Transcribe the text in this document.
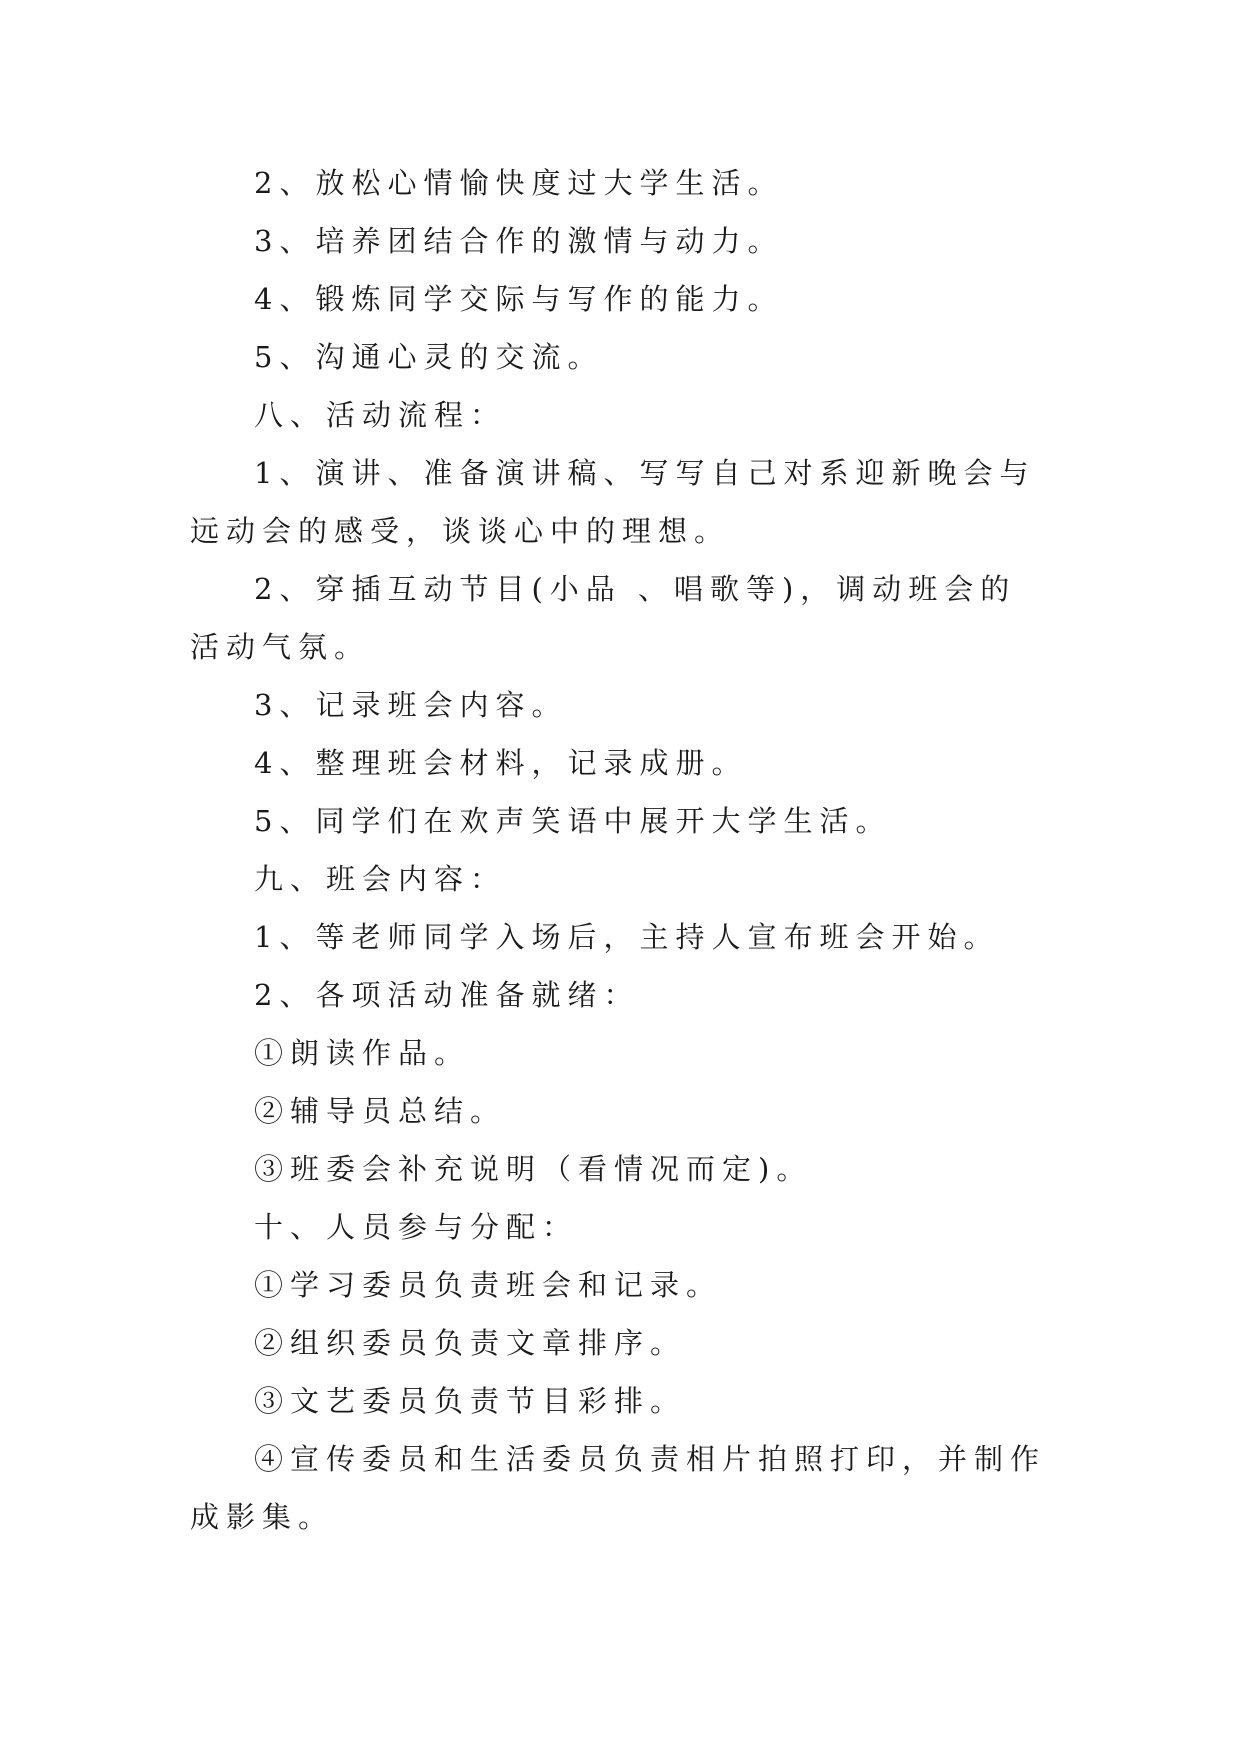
2、放松心情愉快度过大学生活。

3、培养团结合作的激情与动力。

4、锻炼同学交际与写作的能力。

5、沟通心灵的交流。

八、活动流程：

1、演讲、准备演讲稿、写写自己对系迎新晚会与远动会的感受，谈谈心中的理想。

2、穿插互动节目(小品 、唱歌等)，调动班会的活动气氛。

3、记录班会内容。

4、整理班会材料，记录成册。

5、同学们在欢声笑语中展开大学生活。

九、班会内容：

1、等老师同学入场后，主持人宣布班会开始。

2、各项活动准备就绪：

①朗读作品。

②辅导员总结。

③班委会补充说明（看情况而定)。

十、人员参与分配：

①学习委员负责班会和记录。

②组织委员负责文章排序。

③文艺委员负责节目彩排。

④宣传委员和生活委员负责相片拍照打印，并制作成影集。
